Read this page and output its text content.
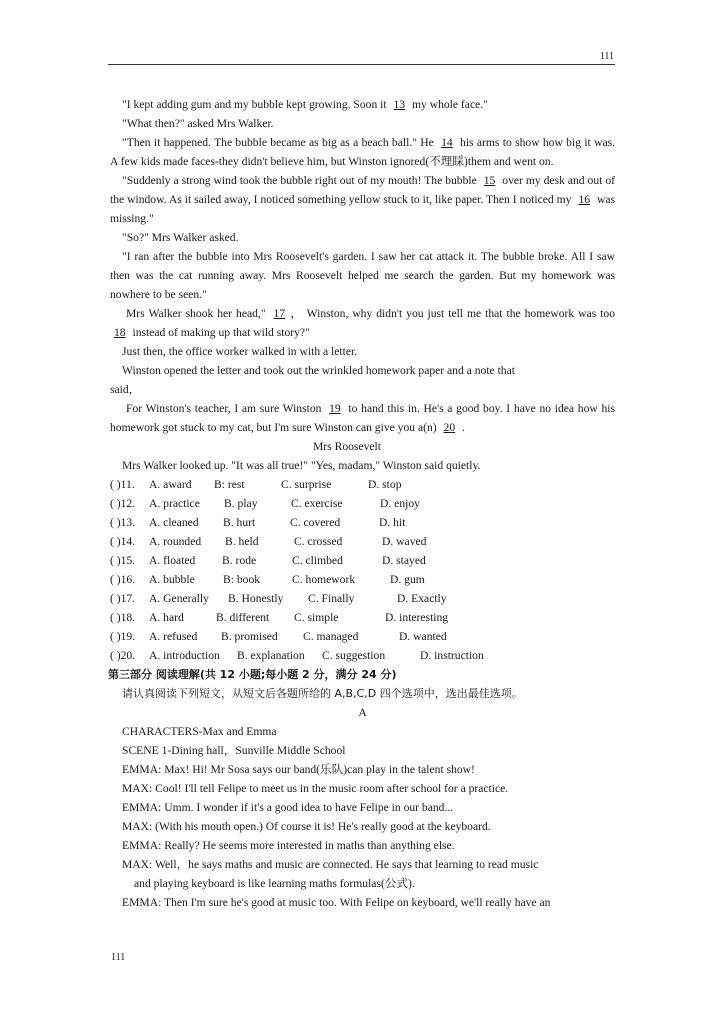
111

"I kept adding gum and my bubble kept growing. Soon it 13 my whole face."

"What then?" asked Mrs Walker.

"Then it happened. The bubble became as big as a beach ball." He 14 his arms to show how big it was. A few kids made faces-they didn't believe him, but Winston ignored(不理睬)them and went on.

"Suddenly a strong wind took the bubble right out of my mouth! The bubble 15 over my desk and out of the window. As it sailed away, I noticed something yellow stuck to it, like paper. Then I noticed my 16 was missing."

"So?" Mrs Walker asked.

"I ran after the bubble into Mrs Roosevelt's garden. I saw her cat attack it. The bubble broke. All I saw then was the cat running away. Mrs Roosevelt helped me search the garden. But my homework was nowhere to be seen."

Mrs Walker shook her head," 17 ， Winston, why didn't you just tell me that the homework was too 18 instead of making up that wild story?"

Just then, the office worker walked in with a letter.

Winston opened the letter and took out the wrinkled homework paper and a note that

said，

For Winston's teacher, I am sure Winston 19 to hand this in. He's a good boy. I have no idea how his homework got stuck to my cat, but I'm sure Winston can give you a(n) 20 .

Mrs Roosevelt

Mrs Walker looked up. "It was all true!" "Yes, madam," Winston said quietly.

( )11.	A. award	B: rest	C. surprise	D. stop
( )12.	A. practice	B. play	C. exercise	D. enjoy
( )13.	A. cleaned	B. hurt	C. covered	D. hit
( )14.	A. rounded	B. held	C. crossed	D. waved
( )15.	A. floated	B. rode	C. climbed	D. stayed
( )16.	A. bubble	B: book	C. homework	D. gum
( )17.	A. Generally	B. Honestly	C. Finally	D. Exactly
( )18.	A. hard	B. different	C. simple	D. interesting
( )19.	A. refused	B. promised	C. managed	D. wanted
( )20.	A. introduction	B. explanation	C. suggestion	D. instruction

第三部分 阅读理解(共 12 小题;每小题 2 分，满分 24 分)

请认真阅读下列短文，从短文后各题所给的 A,B,C,D 四个选项中，选出最佳选项。

A

CHARACTERS-Max and Emma

SCENE 1-Dining hall，Sunville Middle School

EMMA: Max! Hi! Mr Sosa says our band(乐队)can play in the talent show!

MAX: Cool! I'll tell Felipe to meet us in the music room after school for a practice.

EMMA: Umm. I wonder if it's a good idea to have Felipe in our band...

MAX: (With his mouth open.) Of course it is! He's really good at the keyboard.

EMMA: Really? He seems more interested in maths than anything else.

MAX: Well，he says maths and music are connected. He says that learning to read music

and playing keyboard is like learning maths formulas(公式).

EMMA: Then I'm sure he's good at music too. With Felipe on keyboard, we'll really have an

111
